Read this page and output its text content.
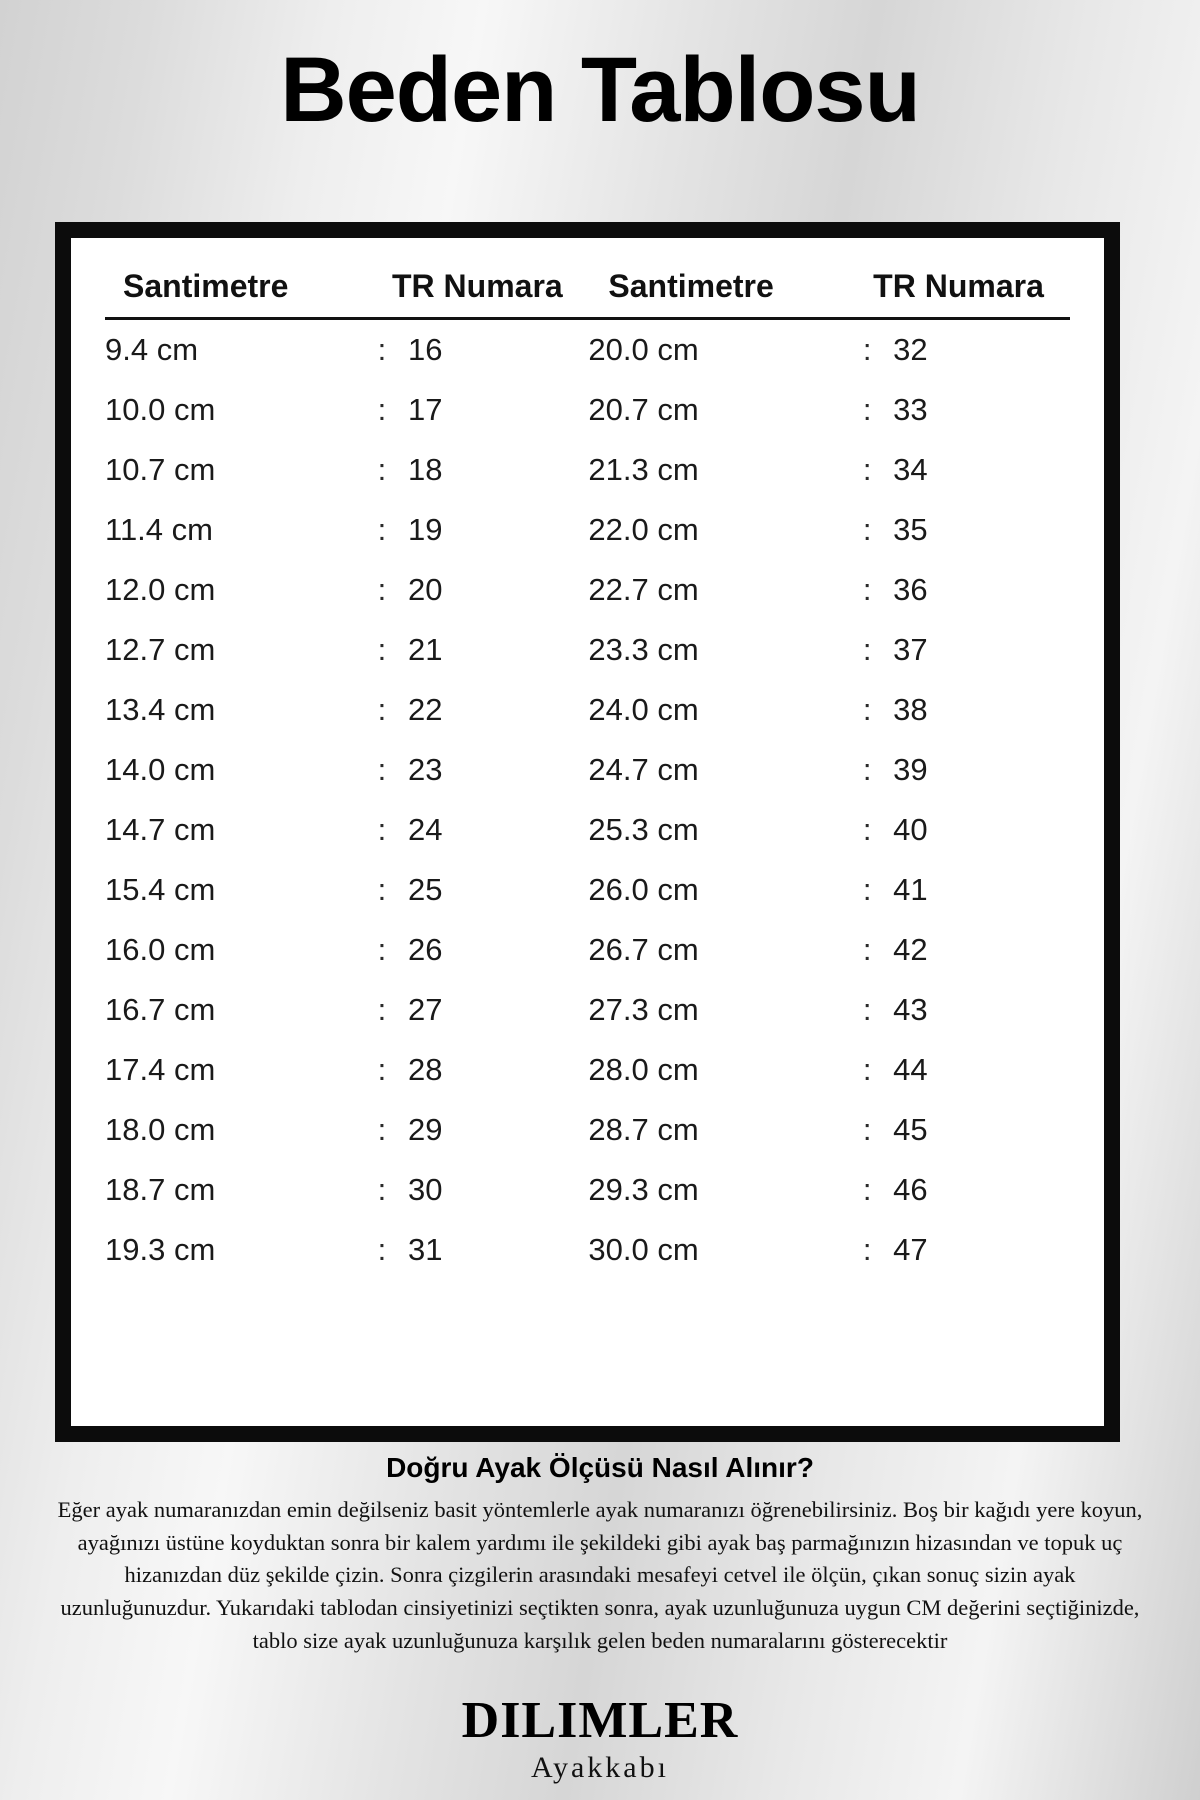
Beden Tablosu
Santimetre	TR Numara	Santimetre	TR Numara
9.4 cm	: 16	20.0 cm	: 32
10.0 cm	: 17	20.7 cm	: 33
10.7 cm	: 18	21.3 cm	: 34
11.4 cm	: 19	22.0 cm	: 35
12.0 cm	: 20	22.7 cm	: 36
12.7 cm	: 21	23.3 cm	: 37
13.4 cm	: 22	24.0 cm	: 38
14.0 cm	: 23	24.7 cm	: 39
14.7 cm	: 24	25.3 cm	: 40
15.4 cm	: 25	26.0 cm	: 41
16.0 cm	: 26	26.7 cm	: 42
16.7 cm	: 27	27.3 cm	: 43
17.4 cm	: 28	28.0 cm	: 44
18.0 cm	: 29	28.7 cm	: 45
18.7 cm	: 30	29.3 cm	: 46
19.3 cm	: 31	30.0 cm	: 47
Doğru Ayak Ölçüsü Nasıl Alınır?

Eğer ayak numaranızdan emin değilseniz basit yöntemlerle ayak numaranızı öğrenebilirsiniz. Boş bir kağıdı yere koyun, ayağınızı üstüne koyduktan sonra bir kalem yardımı ile şekildeki gibi ayak baş parmağınızın hizasından ve topuk uç hizanızdan düz şekilde çizin. Sonra çizgilerin arasındaki mesafeyi cetvel ile ölçün, çıkan sonuç sizin ayak uzunluğunuzdur. Yukarıdaki tablodan cinsiyetinizi seçtikten sonra, ayak uzunluğunuza uygun CM değerini seçtiğinizde, tablo size ayak uzunluğunuza karşılık gelen beden numaralarını gösterecektir

DILIMLER
Ayakkabı
